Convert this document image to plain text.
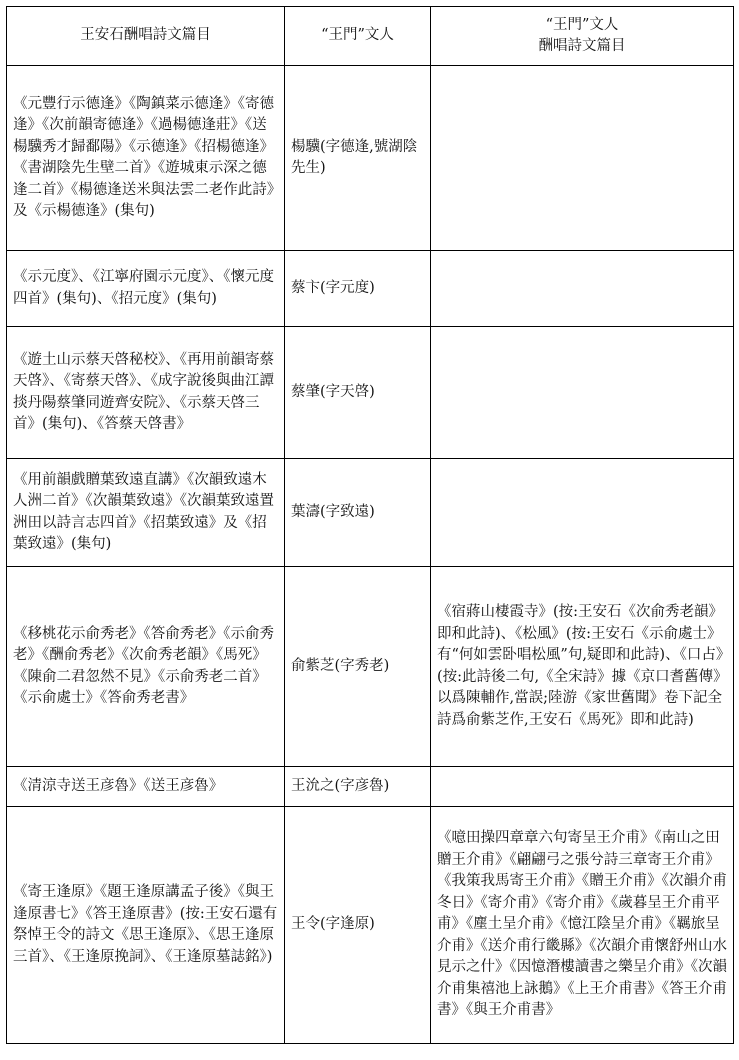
王安石酬唱詩文篇目	“王門”文人	“王門”文人
酬唱詩文篇目

《元豐行示德逢》《陶鎮菜示德逢》《寄德逢》《次前韻寄德逢》《過楊德逢莊》《送楊驥秀才歸鄱陽》《示德逢》《招楊德逢》《書湖陰先生壁二首》《遊城東示深之德逢二首》《楊德逢送米與法雲二老作此詩》及《示楊德逢》(集句)	楊驥(字德逢,號湖陰先生)	
《示元度》、《江寧府園示元度》、《懷元度四首》(集句)、《招元度》(集句)	蔡卞(字元度)	
《遊土山示蔡天啓秘校》、《再用前韻寄蔡天啓》、《寄蔡天啓》、《成字說後與曲江譚掞丹陽蔡肇同遊齊安院》、《示蔡天啓三首》(集句)、《答蔡天啓書》	蔡肇(字天啓)	
《用前韻戲贈葉致遠直講》《次韻致遠木人洲二首》《次韻葉致遠》《次韻葉致遠置洲田以詩言志四首》《招葉致遠》及《招葉致遠》(集句)	葉濤(字致遠)	
《移桃花示俞秀老》《答俞秀老》《示俞秀老》《酬俞秀老》《次俞秀老韻》《馬死》《陳俞二君忽然不見》《示俞秀老二首》《示俞處士》《答俞秀老書》	俞紫芝(字秀老)	《宿蔣山棲霞寺》(按:王安石《次俞秀老韻》即和此詩)、《松風》(按:王安石《示俞處士》有“何如雲卧唱松風”句,疑即和此詩)、《口占》(按:此詩後二句,《全宋詩》據《京口耆舊傳》以爲陳輔作,當誤;陸游《家世舊聞》卷下記全詩爲俞紫芝作,王安石《馬死》即和此詩)
《清涼寺送王彦魯》《送王彦魯》	王沇之(字彦魯)	
《寄王逢原》《題王逢原講孟子後》《與王逢原書七》《答王逢原書》(按:王安石還有祭悼王令的詩文《思王逢原》、《思王逢原三首》、《王逢原挽詞》、《王逢原墓誌銘》)	王令(字逢原)	《噫田操四章章六句寄呈王介甫》《南山之田贈王介甫》《翩翩弓之張兮詩三章寄王介甫》《我策我馬寄王介甫》《贈王介甫》《次韻介甫冬日》《寄介甫》《寄介甫》《歲暮呈王介甫平甫》《塵土呈介甫》《憶江陰呈介甫》《羈旅呈介甫》《送介甫行畿縣》《次韻介甫懷舒州山水見示之什》《因憶潛樓讀書之樂呈介甫》《次韻介甫集禧池上詠鵝》《上王介甫書》《答王介甫書》《與王介甫書》
